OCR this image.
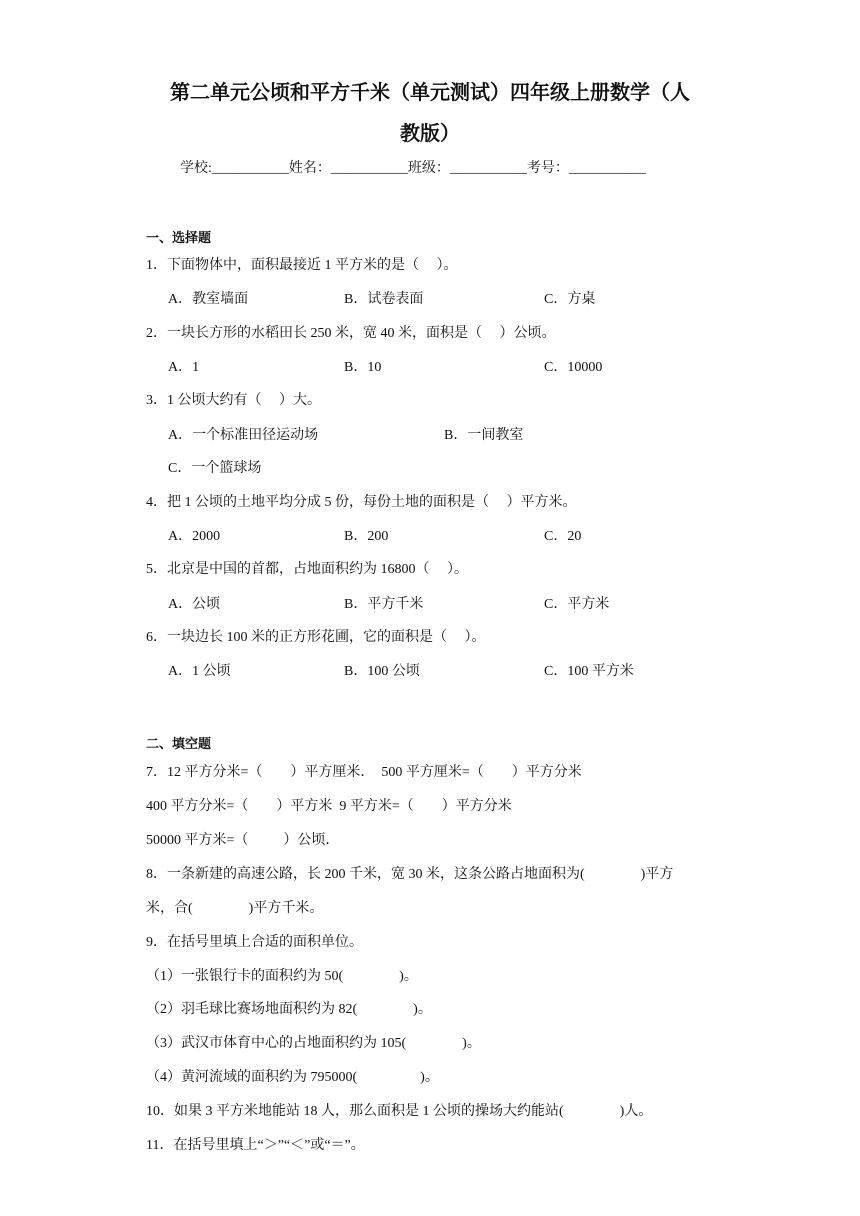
第二单元公顷和平方千米（单元测试）四年级上册数学（人
教版）
学校:___________姓名：___________班级：___________考号：___________
一、选择题
1．下面物体中，面积最接近 1 平方米的是（     ）。
A．教室墙面	B．试卷表面	C．方桌
2．一块长方形的水稻田长 250 米，宽 40 米，面积是（     ）公顷。
A．1	B．10	C．10000
3．1 公顷大约有（     ）大。
A．一个标准田径运动场	B．一间教室
C．一个篮球场
4．把 1 公顷的土地平均分成 5 份，每份土地的面积是（     ）平方米。
A．2000	B．200	C．20
5．北京是中国的首都，占地面积约为 16800（     ）。
A．公顷	B．平方千米	C．平方米
6．一块边长 100 米的正方形花圃，它的面积是（     ）。
A．1 公顷	B．100 公顷	C．100 平方米
二、填空题
7．12 平方分米=（        ）平方厘米．  500 平方厘米=（        ）平方分米
400 平方分米=（        ）平方米  9 平方米=（        ）平方分米
50000 平方米=（          ）公顷．
8．一条新建的高速公路，长 200 千米，宽 30 米，这条公路占地面积为(                )平方
米，合(                )平方千米。
9．在括号里填上合适的面积单位。
（1）一张银行卡的面积约为 50(                )。
（2）羽毛球比赛场地面积约为 82(                )。
（3）武汉市体育中心的占地面积约为 105(                )。
（4）黄河流域的面积约为 795000(                  )。
10．如果 3 平方米地能站 18 人，那么面积是 1 公顷的操场大约能站(                )人。
11．在括号里填上“＞”“＜”或“＝”。
